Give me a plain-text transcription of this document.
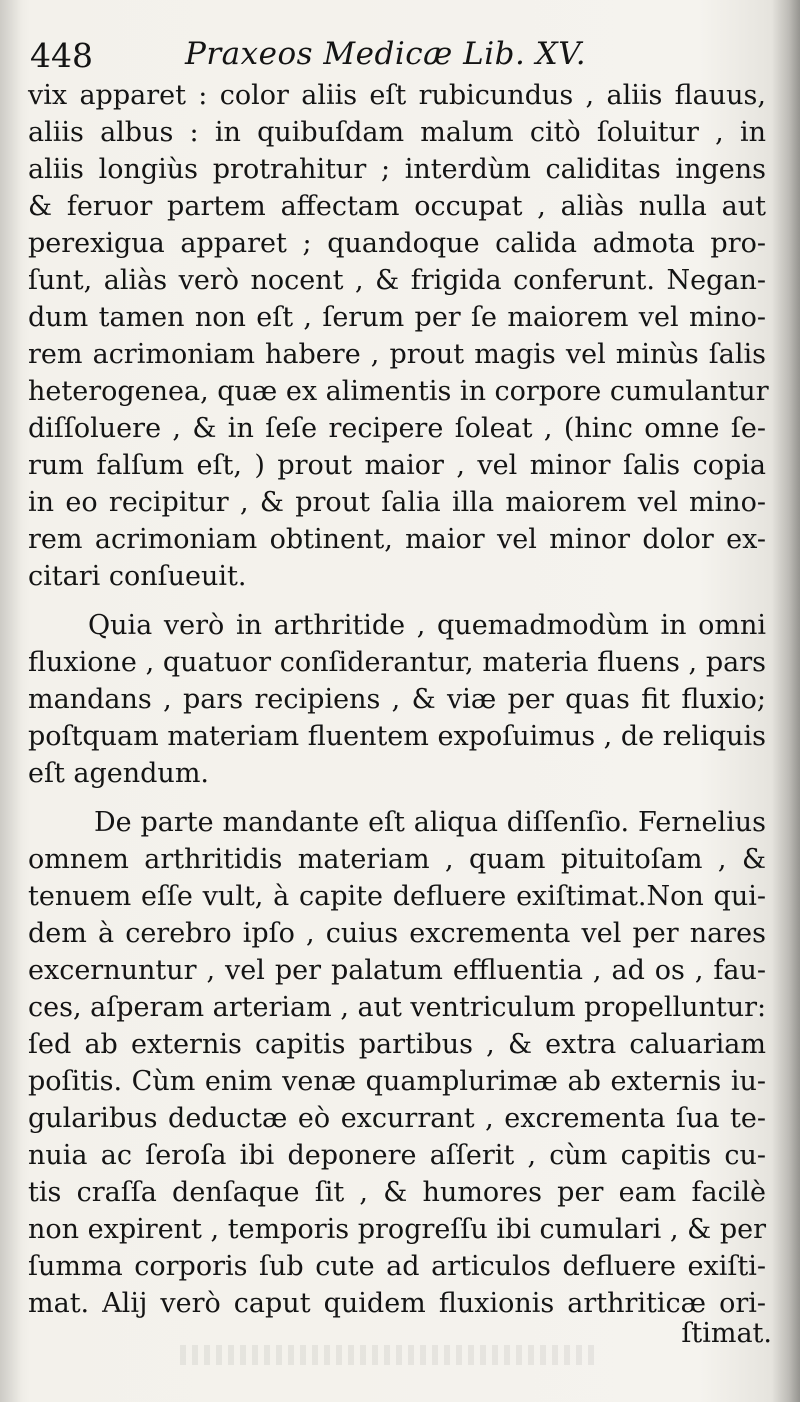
448	Praxeos Medicæ Lib. XV.
vix apparet : color aliis eſt rubicundus , aliis flauus,
aliis albus : in quibuſdam malum citò ſoluitur , in
aliis longiùs protrahitur ; interdùm caliditas ingens
& feruor partem affectam occupat , aliàs nulla aut
perexigua apparet ; quandoque calida admota pro-
ſunt, aliàs verò nocent , & frigida conferunt. Negan-
dum tamen non eſt , ſerum per ſe maiorem vel mino-
rem acrimoniam habere , prout magis vel minùs ſalis
heterogenea, quæ ex alimentis in corpore cumulantur
diſſoluere , & in ſeſe recipere ſoleat , (hinc omne ſe-
rum falſum eſt, ) prout maior , vel minor ſalis copia
in eo recipitur , & prout ſalia illa maiorem vel mino-
rem acrimoniam obtinent, maior vel minor dolor ex-
citari conſueuit.
Quia verò in arthritide , quemadmodùm in omni
fluxione , quatuor conſiderantur, materia fluens , pars
mandans , pars recipiens , & viæ per quas fit fluxio;
poſtquam materiam fluentem expoſuimus , de reliquis
eſt agendum.
De parte mandante eſt aliqua diſſenſio. Fernelius
omnem arthritidis materiam , quam pituitoſam , &
tenuem eſſe vult, à capite defluere exiſtimat.Non qui-
dem à cerebro ipſo , cuius excrementa vel per nares
excernuntur , vel per palatum effluentia , ad os , fau-
ces, aſperam arteriam , aut ventriculum propelluntur:
ſed ab externis capitis partibus , & extra caluariam
poſitis. Cùm enim venæ quamplurimæ ab externis iu-
gularibus deductæ eò excurrant , excrementa ſua te-
nuia ac ſeroſa ibi deponere aſſerit , cùm capitis cu-
tis craſſa denſaque ſit , & humores per eam facilè
non expirent , temporis progreſſu ibi cumulari , & per
ſumma corporis ſub cute ad articulos defluere exiſti-
mat. Alij verò caput quidem fluxionis arthriticæ ori-
ſtimat.
